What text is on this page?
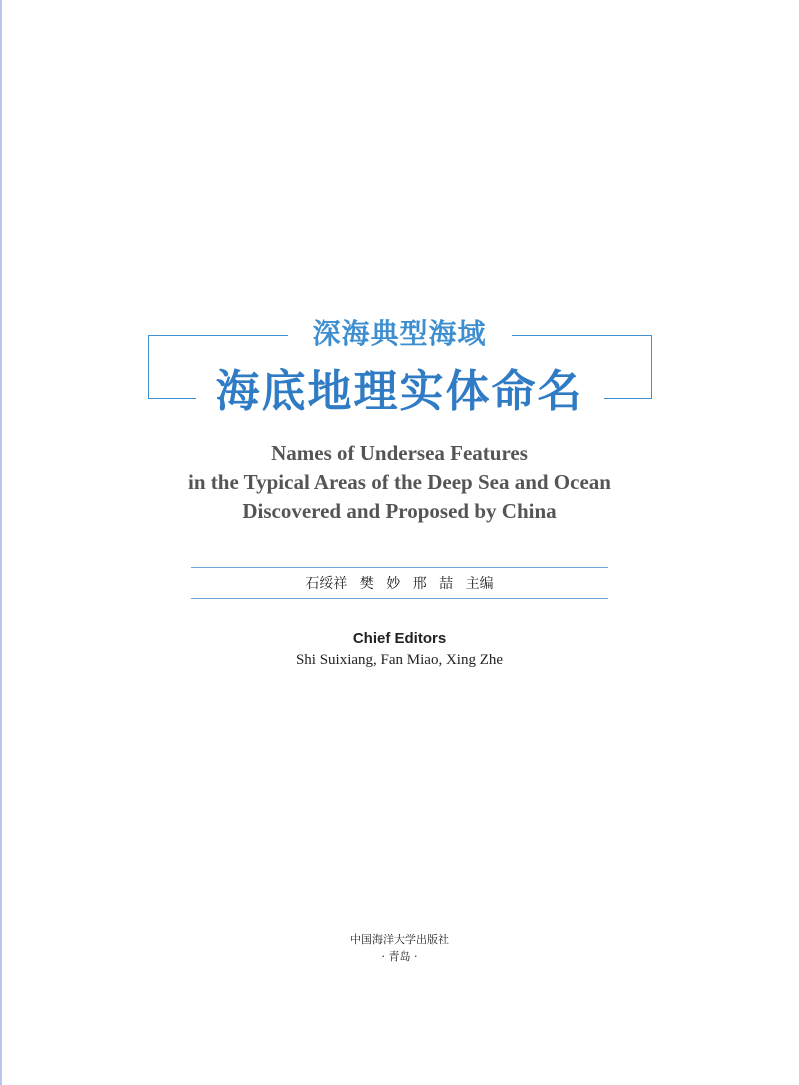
深海典型海域
海底地理实体命名
Names of Undersea Features
in the Typical Areas of the Deep Sea and Ocean
Discovered and Proposed by China
石绥祥 樊 妙 邢 喆 主编
Chief Editors
Shi Suixiang, Fan Miao, Xing Zhe
中国海洋大学出版社
· 青岛 ·
